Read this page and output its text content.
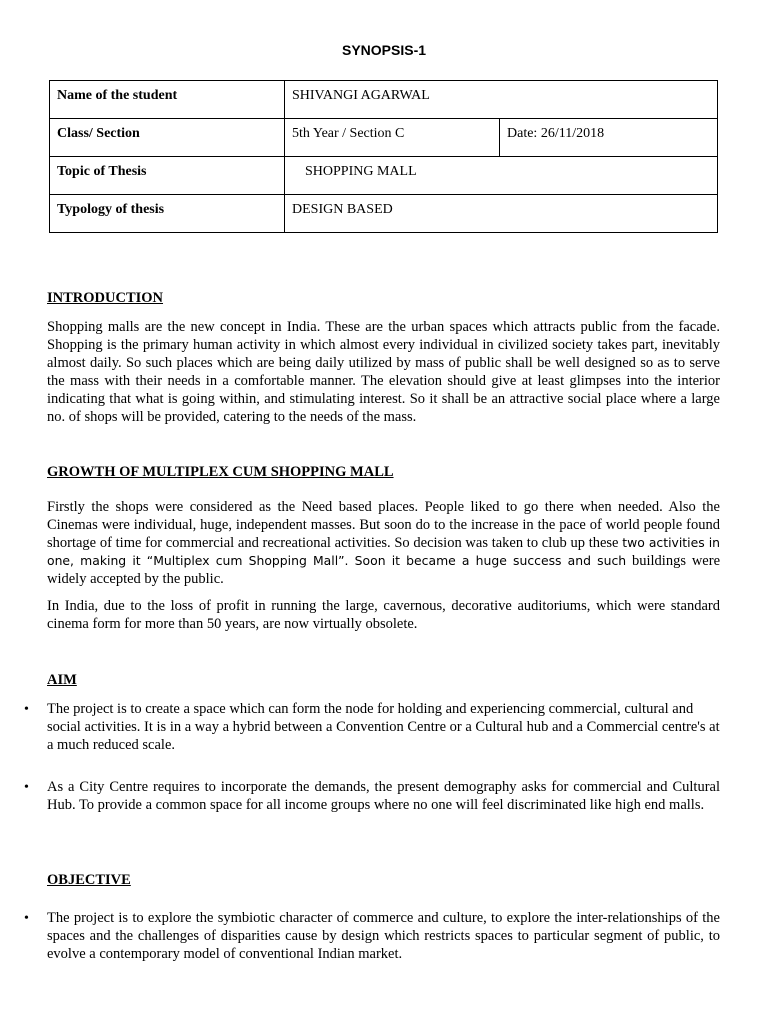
SYNOPSIS-1
Name of the student	SHIVANGI AGARWAL	
Class/ Section	5th Year / Section C	Date: 26/11/2018
Topic of Thesis	SHOPPING MALL	
Typology of thesis	DESIGN BASED	
INTRODUCTION
Shopping malls are the new concept in India. These are the urban spaces which attracts public from the facade. Shopping is the primary human activity in which almost every individual in civilized society takes part, inevitably almost daily. So such places which are being daily utilized by mass of public shall be well designed so as to serve the mass with their needs in a comfortable manner. The elevation should give at least glimpses into the interior indicating that what is going within, and stimulating interest. So it shall be an attractive social place where a large no. of shops will be provided, catering to the needs of the mass.
GROWTH OF MULTIPLEX CUM SHOPPING MALL
Firstly the shops were considered as the Need based places. People liked to go there when needed. Also the Cinemas were individual, huge, independent masses. But soon do to the increase in the pace of world people found shortage of time for commercial and recreational activities. So decision was taken to club up these two activities in one, making it “Multiplex cum Shopping Mall”. Soon it became a huge success and such buildings were widely accepted by the public.
In India, due to the loss of profit in running the large, cavernous, decorative auditoriums, which were standard cinema form for more than 50 years, are now virtually obsolete.
AIM
• The project is to create a space which can form the node for holding and experiencing commercial, cultural and social activities. It is in a way a hybrid between a Convention Centre or a Cultural hub and a Commercial centre's at a much reduced scale.
• As a City Centre requires to incorporate the demands, the present demography asks for commercial and Cultural Hub. To provide a common space for all income groups where no one will feel discriminated like high end malls.
OBJECTIVE
• The project is to explore the symbiotic character of commerce and culture, to explore the inter-relationships of the spaces and the challenges of disparities cause by design which restricts spaces to particular segment of public, to evolve a contemporary model of conventional Indian market.
